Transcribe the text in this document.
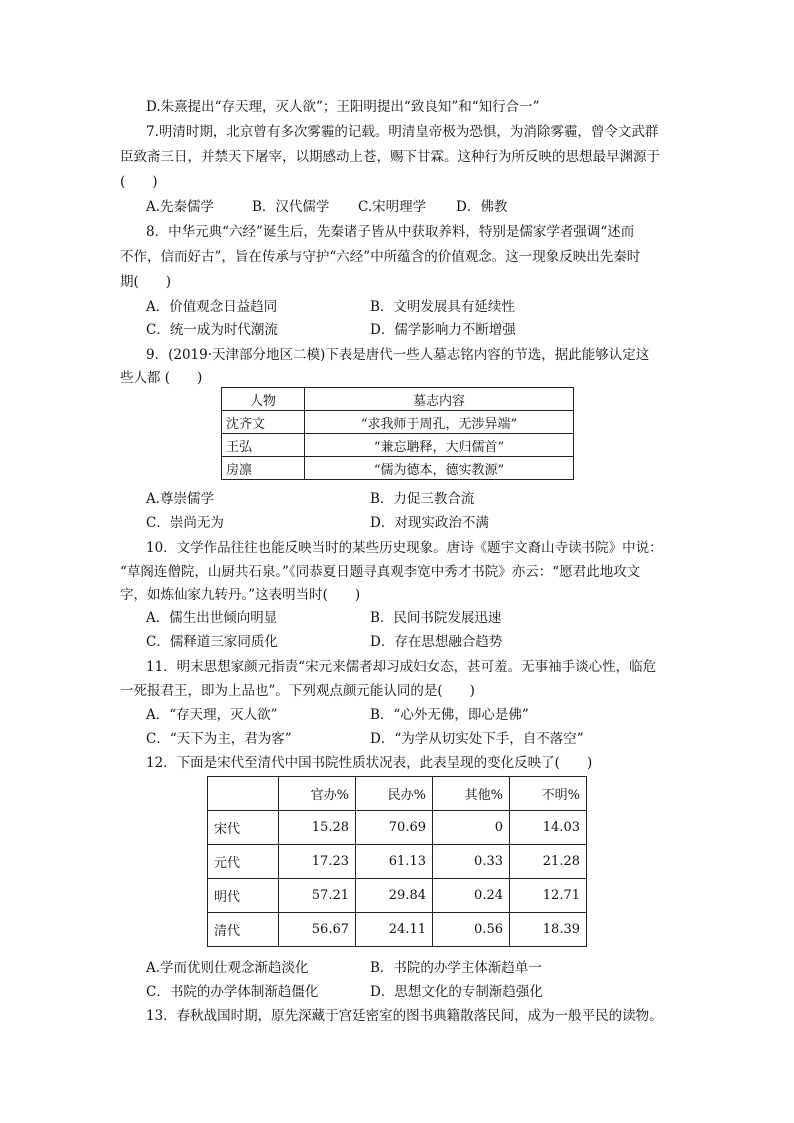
D.朱熹提出“存天理，灭人欲”；王阳明提出“致良知”和“知行合一”
7.明清时期，北京曾有多次雾霾的记载。明清皇帝极为恐惧，为消除雾霾，曾令文武群
臣致斋三日，并禁天下屠宰，以期感动上苍，赐下甘霖。这种行为所反映的思想最早渊源于
(　　)
A.先秦儒学	B．汉代儒学 C.宋明理学 D．佛教
8．中华元典“六经”诞生后，先秦诸子皆从中获取养料，特别是儒家学者强调“述而
不作，信而好古”，旨在传承与守护“六经”中所蕴含的价值观念。这一现象反映出先秦时
期(　　)
A．价值观念日益趋同	B．文明发展具有延续性
C．统一成为时代潮流	D．儒学影响力不断增强
9．(2019·天津部分地区二模)下表是唐代一些人墓志铭内容的节选，据此能够认定这
些人都 (　　)
人物	墓志内容
沈齐文	“求我师于周孔，无涉异端”
王弘	“兼忘聃释，大归儒首”
房凛	“儒为德本，德实教源”
A.尊崇儒学	B．力促三教合流
C．崇尚无为	D．对现实政治不满
10．文学作品往往也能反映当时的某些历史现象。唐诗《题宇文裔山寺读书院》中说：
“草阁连僧院，山厨共石泉。”《同恭夏日题寻真观李宽中秀才书院》亦云：“愿君此地攻文
字，如炼仙家九转丹。”这表明当时(　　)
A．儒生出世倾向明显	B．民间书院发展迅速
C．儒释道三家同质化	D．存在思想融合趋势
11．明末思想家颜元指责“宋元来儒者却习成妇女态，甚可羞。无事袖手谈心性，临危
一死报君王，即为上品也”。下列观点颜元能认同的是(　　)
A．“存天理，灭人欲”	B．“心外无佛，即心是佛”
C．“天下为主，君为客”	D．“为学从切实处下手，自不落空”
12．下面是宋代至清代中国书院性质状况表，此表呈现的变化反映了(　　)
	官办%	民办%	其他%	不明%
宋代	15.28	70.69	0	14.03
元代	17.23	61.13	0.33	21.28
明代	57.21	29.84	0.24	12.71
清代	56.67	24.11	0.56	18.39
A.学而优则仕观念渐趋淡化	B．书院的办学主体渐趋单一
C．书院的办学体制渐趋僵化	D．思想文化的专制渐趋强化
13．春秋战国时期，原先深藏于宫廷密室的图书典籍散落民间，成为一般平民的读物。
